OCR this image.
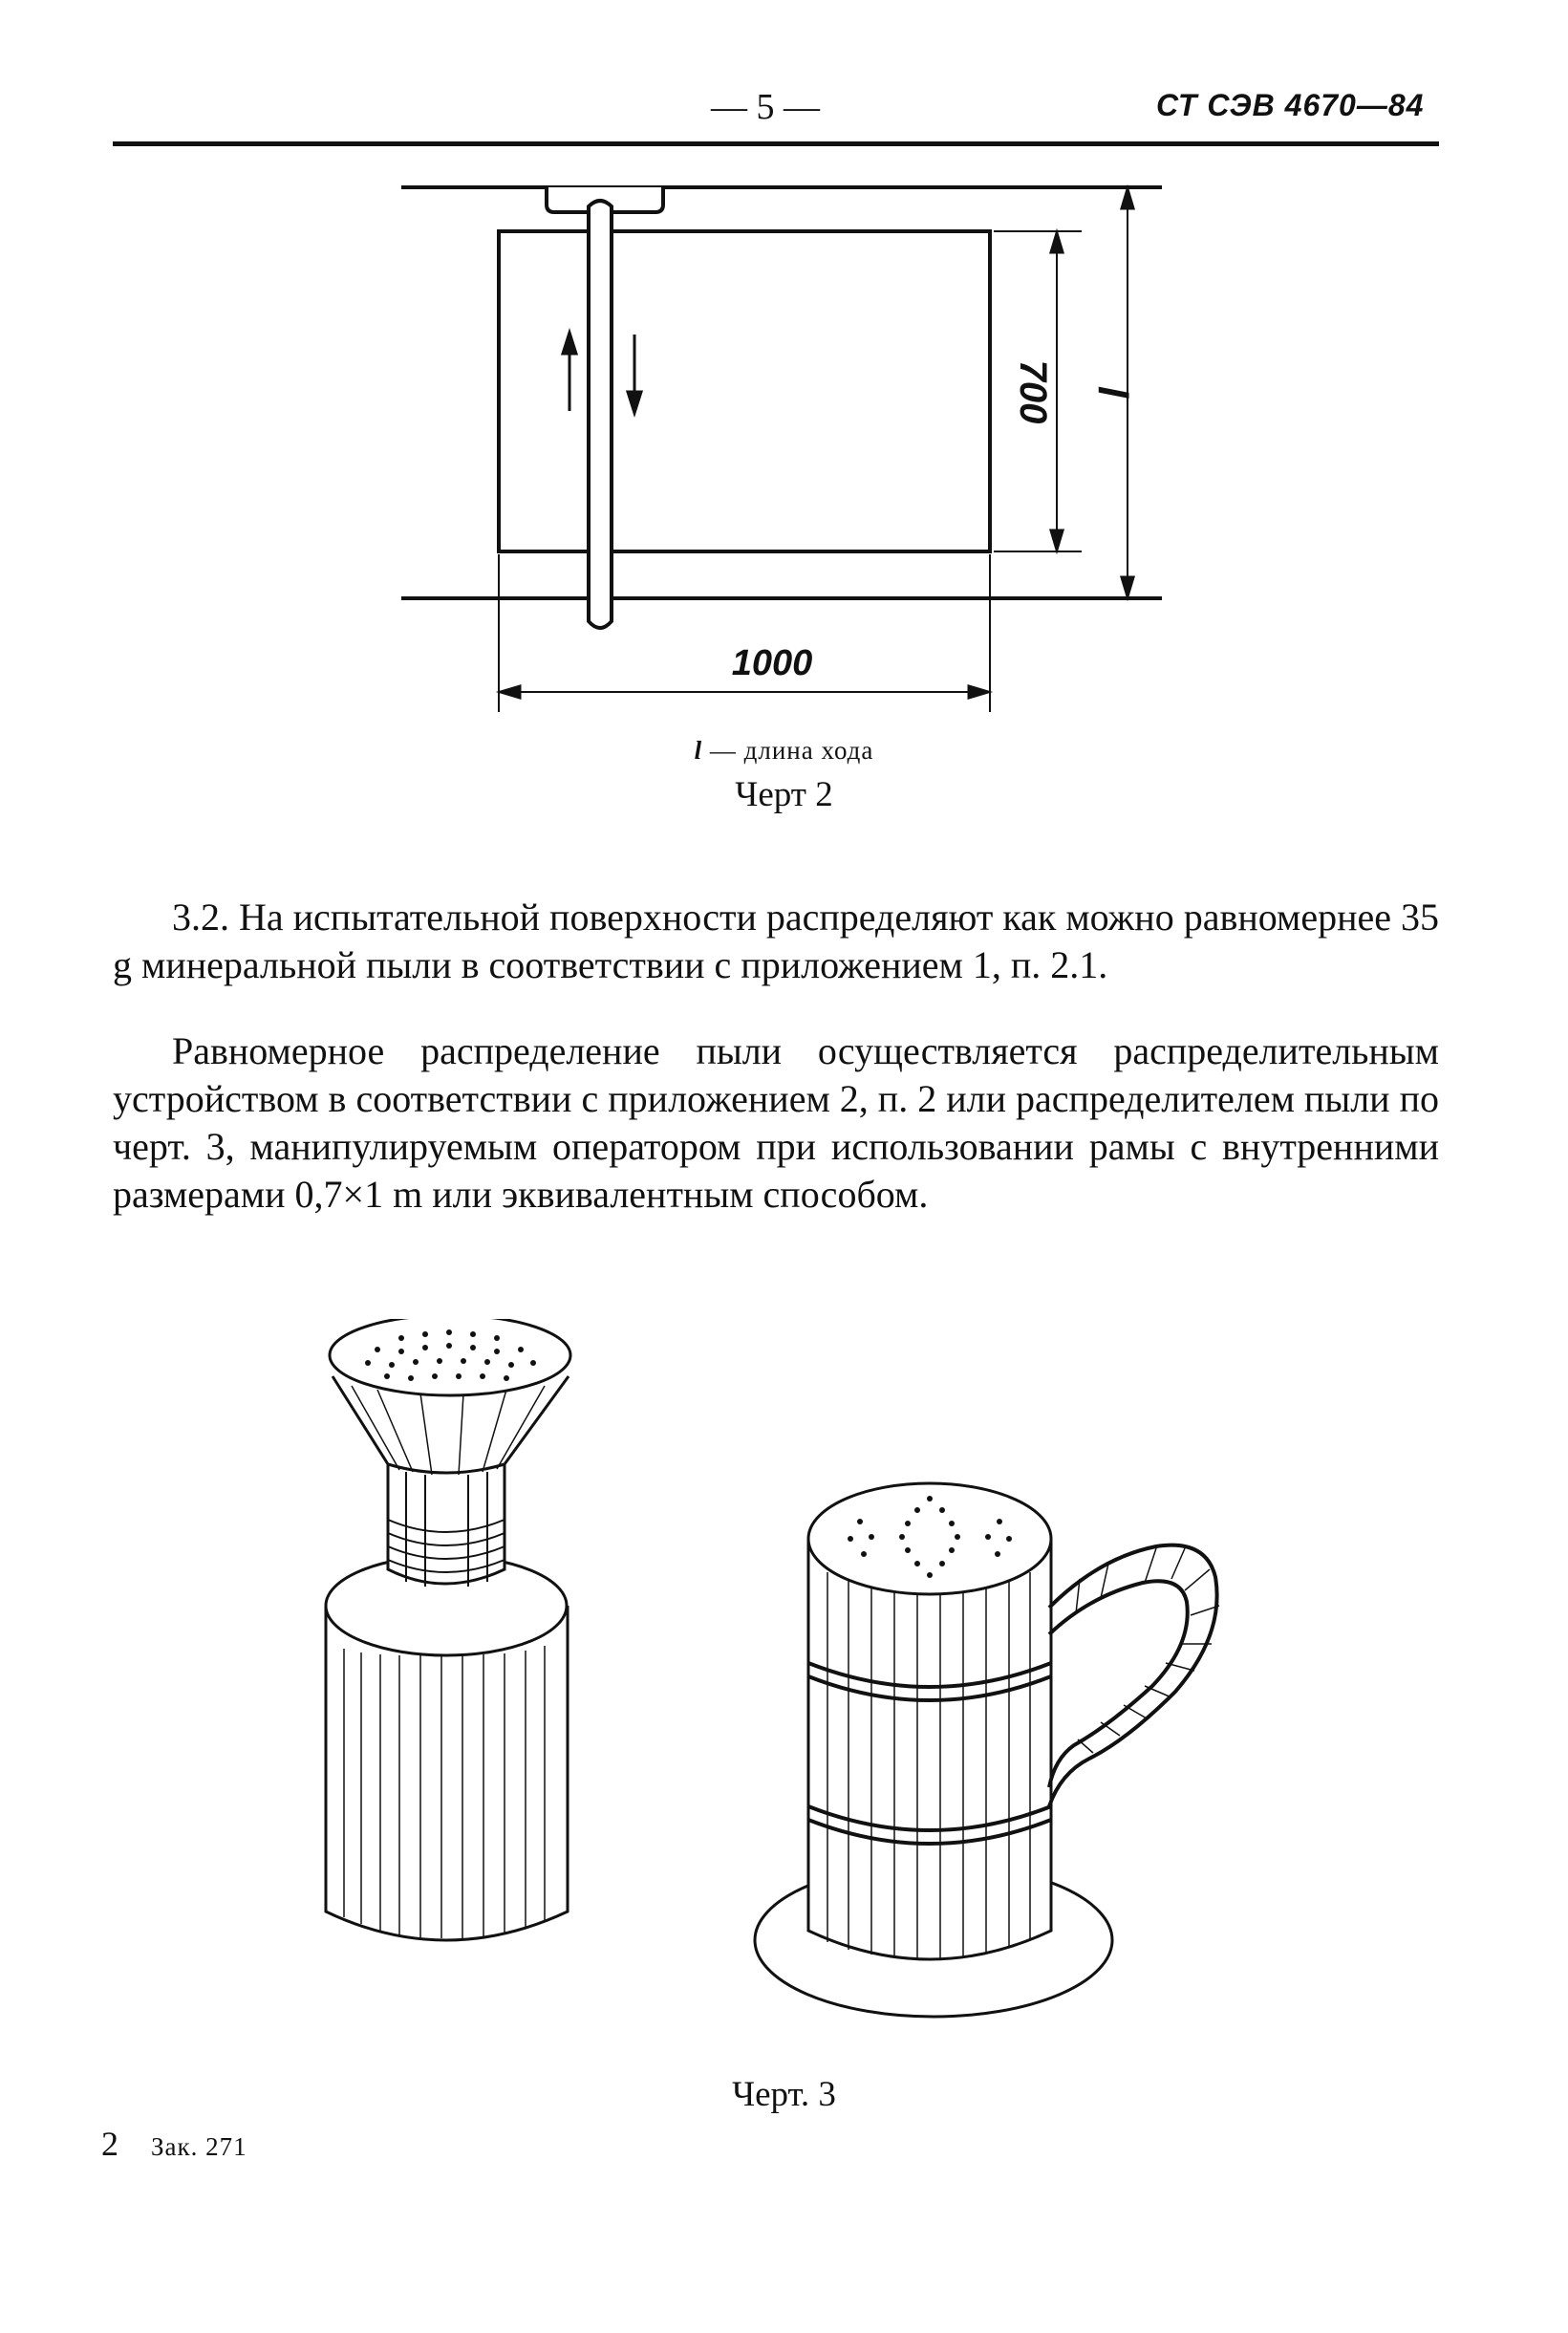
— 5 —	СТ СЭВ 4670—84
700 l
1000
l — длина хода
Черт 2
3.2. На испытательной поверхности распределяют как можно равномернее 35 g минеральной пыли в соответствии с приложением 1, п. 2.1.
Равномерное распределение пыли осуществляется распределительным устройством в соответствии с приложением 2, п. 2 или распределителем пыли по черт. 3, манипулируемым оператором при использовании рамы с внутренними размерами 0,7×1 m или эквивалентным способом.
Черт. 3
2 Зак. 271
